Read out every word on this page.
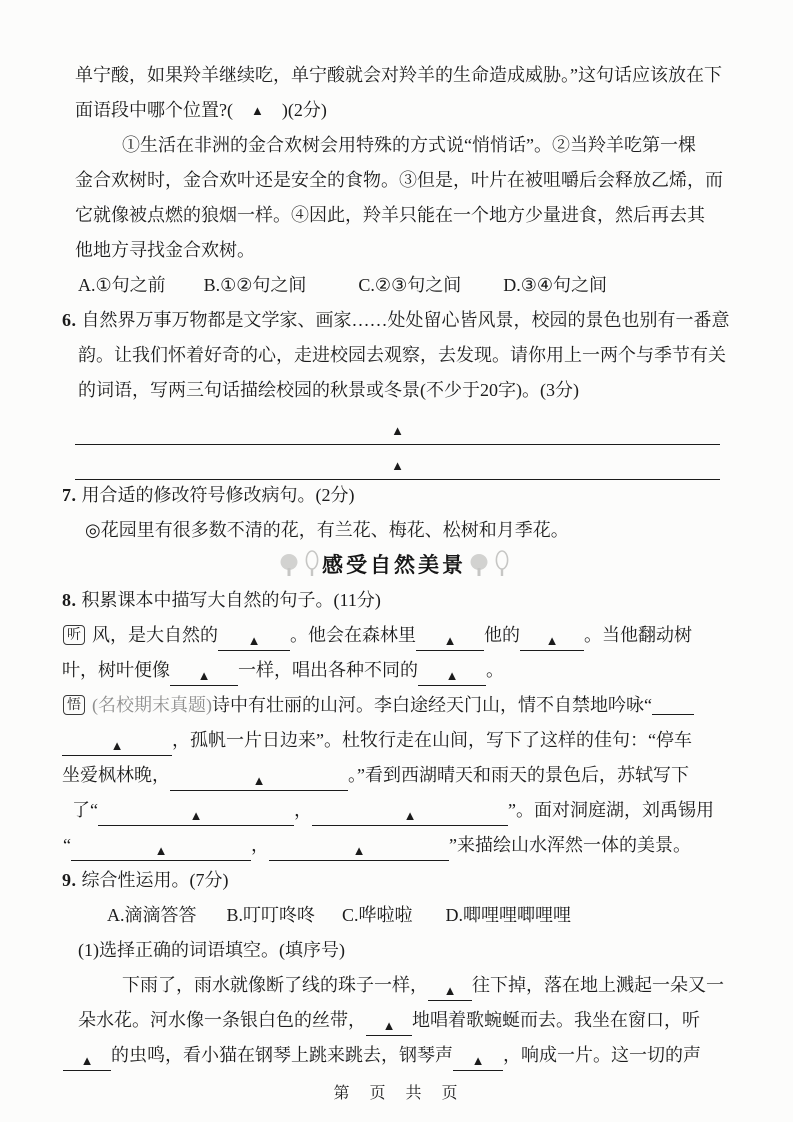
单宁酸，如果羚羊继续吃，单宁酸就会对羚羊的生命造成威胁。”这句话应该放在下
面语段中哪个位置?(　▲　)(2分)
①生活在非洲的金合欢树会用特殊的方式说“悄悄话”。②当羚羊吃第一棵
金合欢树时，金合欢叶还是安全的食物。③但是，叶片在被咀嚼后会释放乙烯，而
它就像被点燃的狼烟一样。④因此，羚羊只能在一个地方少量进食，然后再去其
他地方寻找金合欢树。
A.①句之前 B.①②句之间	C.②③句之间 D.③④句之间
6. 自然界万事万物都是文学家、画家……处处留心皆风景，校园的景色也别有一番意
韵。让我们怀着好奇的心，走进校园去观察，去发现。请你用上一两个与季节有关
的词语，写两三句话描绘校园的秋景或冬景(不少于20字)。(3分)
▲
▲
7. 用合适的修改符号修改病句。(2分)
◎花园里有很多数不清的花，有兰花、梅花、松树和月季花。
感受自然美景
8. 积累课本中描写大自然的句子。(11分)
听 风，是大自然的 ▲ 。他会在森林里 ▲ 他的 ▲ 。当他翻动树
叶，树叶便像 ▲ 一样，唱出各种不同的 ▲ 。
悟 (名校期末真题)诗中有壮丽的山河。李白途经天门山，情不自禁地吟咏“
▲	，孤帆一片日边来”。杜牧行走在山间，写下了这样的佳句：“停车
坐爱枫林晚，	▲	。”看到西湖晴天和雨天的景色后，苏轼写下
了“	▲	，	▲	”。面对洞庭湖，刘禹锡用
“	▲	，	▲	”来描绘山水浑然一体的美景。
9. 综合性运用。(7分)
A.滴滴答答 B.叮叮咚咚 C.哗啦啦 D.唧哩哩唧哩哩
(1)选择正确的词语填空。(填序号)
下雨了，雨水就像断了线的珠子一样， ▲ 往下掉，落在地上溅起一朵又一
朵水花。河水像一条银白色的丝带， ▲ 地唱着歌蜿蜒而去。我坐在窗口，听
▲ 的虫鸣，看小猫在钢琴上跳来跳去，钢琴声 ▲ ，响成一片。这一切的声
第　页　共　页
